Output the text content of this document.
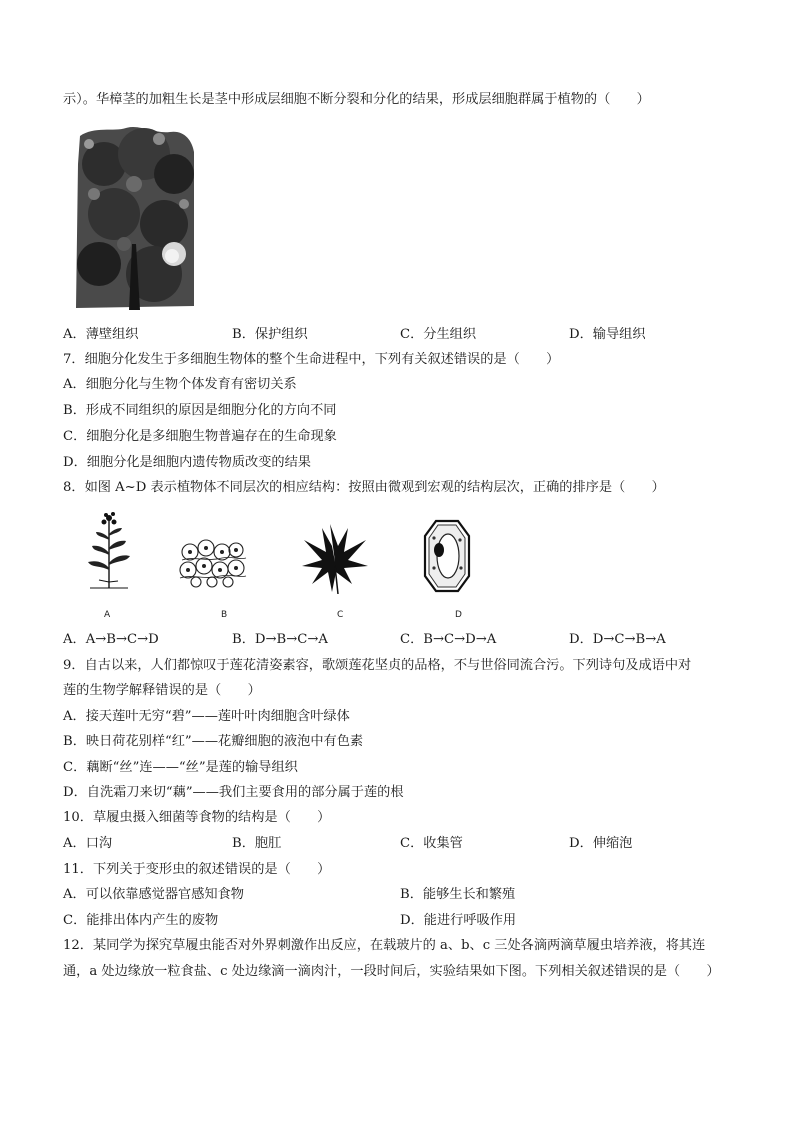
示）。华樟茎的加粗生长是茎中形成层细胞不断分裂和分化的结果，形成层细胞群属于植物的（　　）
A．薄壁组织	B．保护组织	C．分生组织	D．输导组织
7．细胞分化发生于多细胞生物体的整个生命进程中，下列有关叙述错误的是（　　）
A．细胞分化与生物个体发育有密切关系
B．形成不同组织的原因是细胞分化的方向不同
C．细胞分化是多细胞生物普遍存在的生命现象
D．细胞分化是细胞内遗传物质改变的结果
8．如图 A~D 表示植物体不同层次的相应结构：按照由微观到宏观的结构层次，正确的排序是（　　）
A	B	C	D
A．A→B→C→D	B．D→B→C→A	C．B→C→D→A	D．D→C→B→A
9．自古以来，人们都惊叹于莲花清姿素容，歌颂莲花坚贞的品格，不与世俗同流合污。下列诗句及成语中对
莲的生物学解释错误的是（　　）
A．接天莲叶无穷“碧”——莲叶叶肉细胞含叶绿体
B．映日荷花别样“红”——花瓣细胞的液泡中有色素
C．藕断“丝”连——“丝”是莲的输导组织
D．自洗霜刀来切“藕”——我们主要食用的部分属于莲的根
10．草履虫摄入细菌等食物的结构是（　　）
A．口沟	B．胞肛	C．收集管	D．伸缩泡
11．下列关于变形虫的叙述错误的是（　　）
A．可以依靠感觉器官感知食物	B．能够生长和繁殖
C．能排出体内产生的废物	D．能进行呼吸作用
12．某同学为探究草履虫能否对外界刺激作出反应，在载玻片的 a、b、c 三处各滴两滴草履虫培养液，将其连
通，a 处边缘放一粒食盐、c 处边缘滴一滴肉汁，一段时间后，实验结果如下图。下列相关叙述错误的是（　　）
